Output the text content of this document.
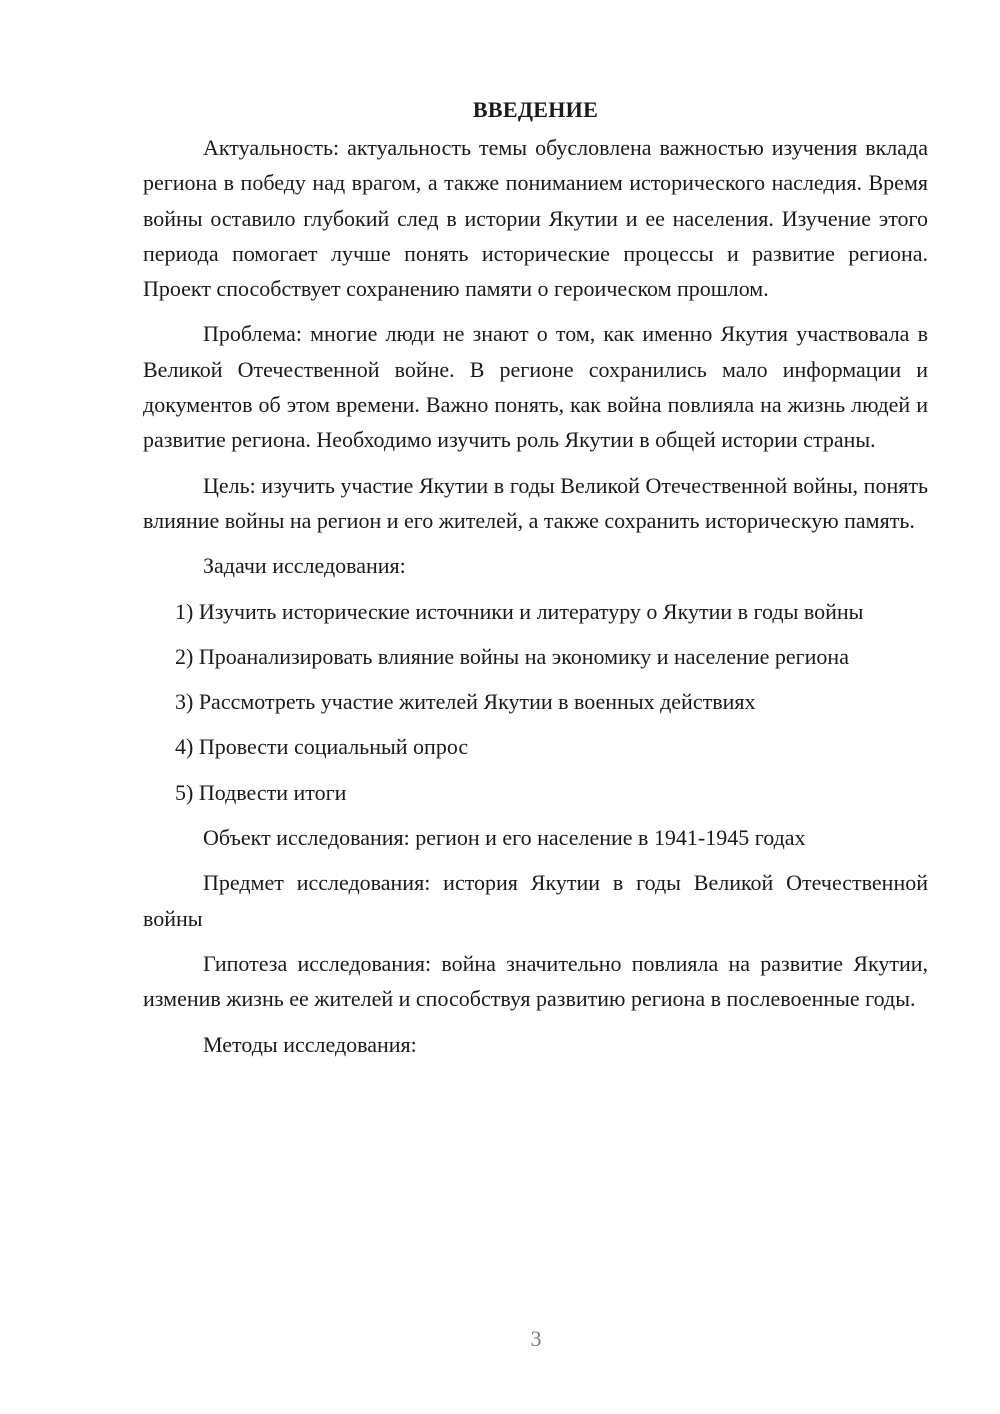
ВВЕДЕНИЕ

Актуальность: актуальность темы обусловлена важностью изучения вклада региона в победу над врагом, а также пониманием исторического наследия. Время войны оставило глубокий след в истории Якутии и ее населения. Изучение этого периода помогает лучше понять исторические процессы и развитие региона. Проект способствует сохранению памяти о героическом прошлом.

Проблема: многие люди не знают о том, как именно Якутия участвовала в Великой Отечественной войне. В регионе сохранились мало информации и документов об этом времени. Важно понять, как война повлияла на жизнь людей и развитие региона. Необходимо изучить роль Якутии в общей истории страны.

Цель: изучить участие Якутии в годы Великой Отечественной войны, понять влияние войны на регион и его жителей, а также сохранить историческую память.

Задачи исследования:

1) Изучить исторические источники и литературу о Якутии в годы войны

2) Проанализировать влияние войны на экономику и население региона

3) Рассмотреть участие жителей Якутии в военных действиях

4) Провести социальный опрос

5) Подвести итоги

Объект исследования: регион и его население в 1941-1945 годах

Предмет исследования: история Якутии в годы Великой Отечественной войны

Гипотеза исследования: война значительно повлияла на развитие Якутии, изменив жизнь ее жителей и способствуя развитию региона в послевоенные годы.

Методы исследования:

3
